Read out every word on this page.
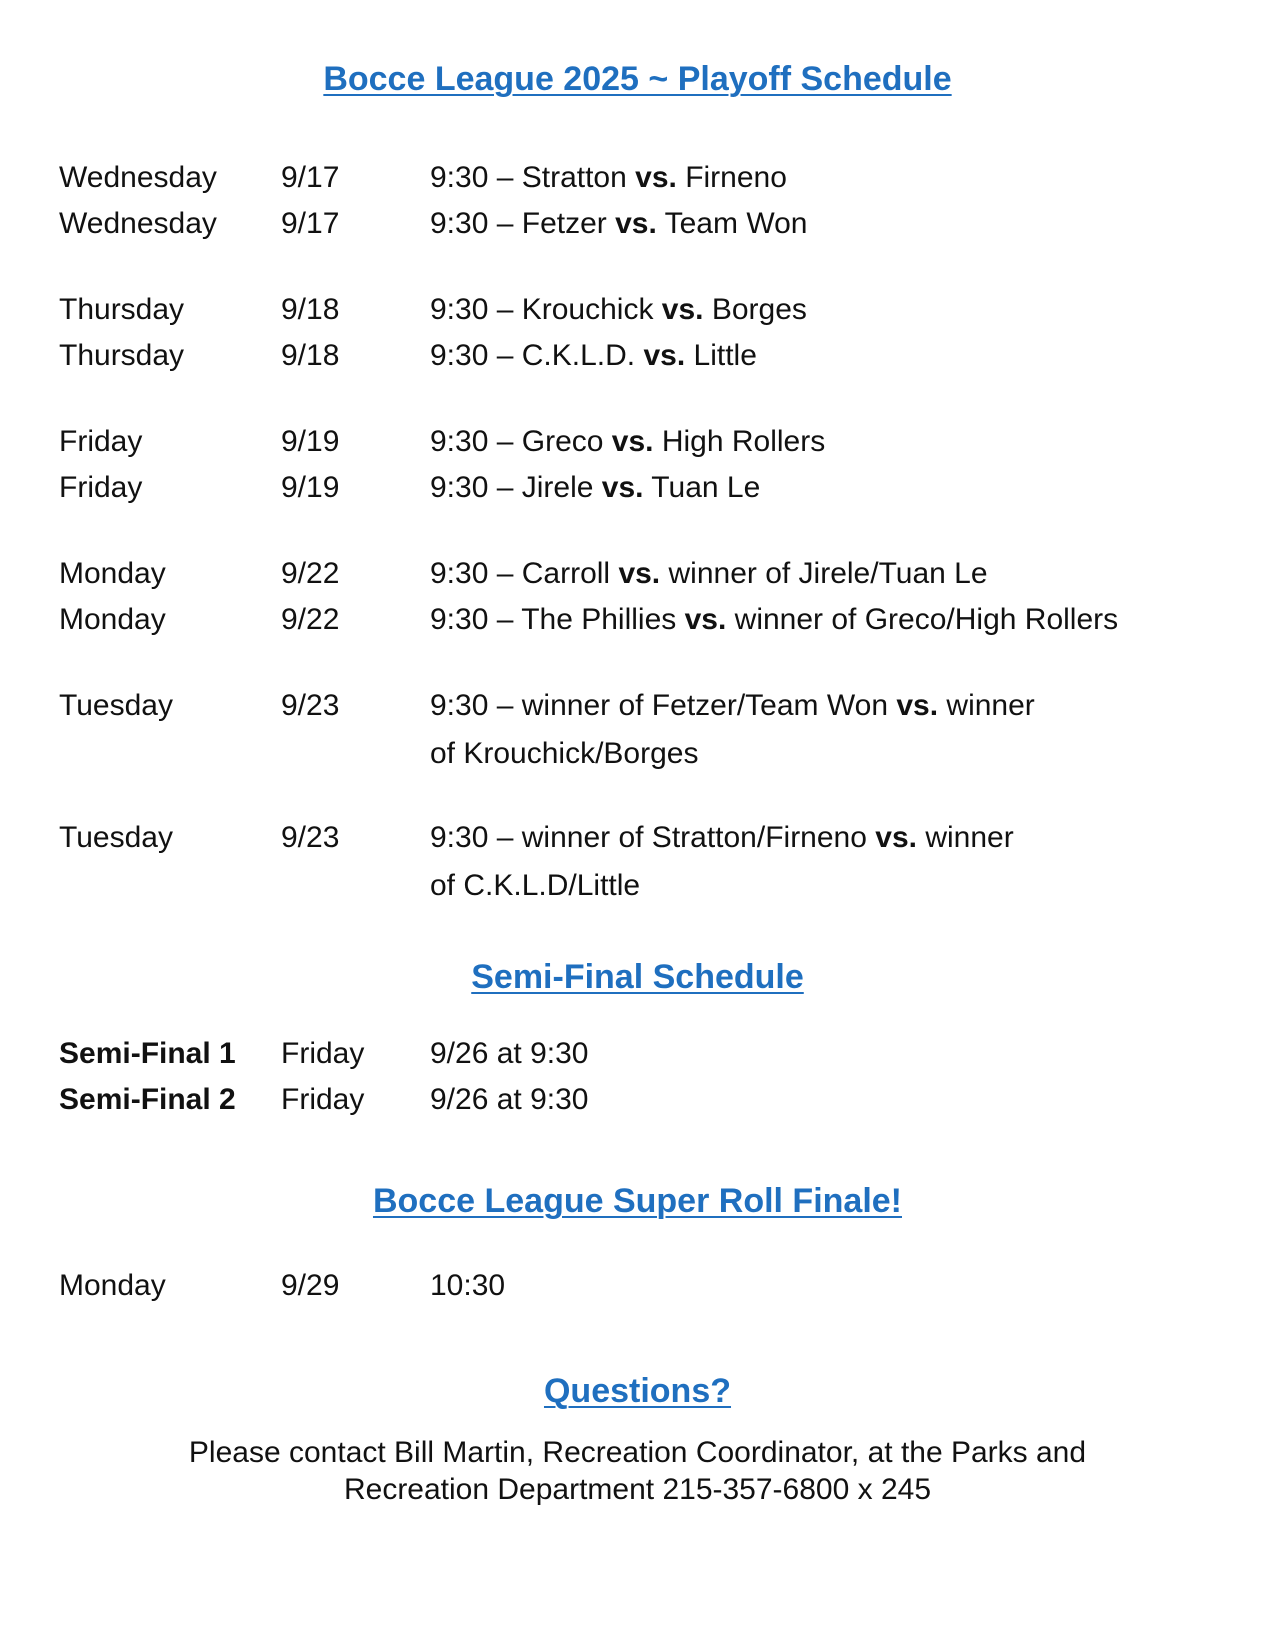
Bocce League 2025 ~ Playoff Schedule
Wednesday 9/17	9:30 – Stratton vs. Firneno
Wednesday 9/17	9:30 – Fetzer vs. Team Won
Thursday	9/18	9:30 – Krouchick vs. Borges
Thursday	9/18	9:30 – C.K.L.D. vs. Little
Friday	9/19	9:30 – Greco vs. High Rollers
Friday	9/19	9:30 – Jirele vs. Tuan Le
Monday	9/22	9:30 – Carroll vs. winner of Jirele/Tuan Le
Monday	9/22	9:30 – The Phillies vs. winner of Greco/High Rollers
Tuesday	9/23	9:30 – winner of Fetzer/Team Won vs. winner
of Krouchick/Borges
Tuesday	9/23	9:30 – winner of Stratton/Firneno vs. winner
of C.K.L.D/Little
Semi-Final Schedule
Semi-Final 1 Friday 9/26 at 9:30
Semi-Final 2 Friday 9/26 at 9:30
Bocce League Super Roll Finale!
Monday	9/29	10:30
Questions?
Please contact Bill Martin, Recreation Coordinator, at the Parks and
Recreation Department 215-357-6800 x 245
